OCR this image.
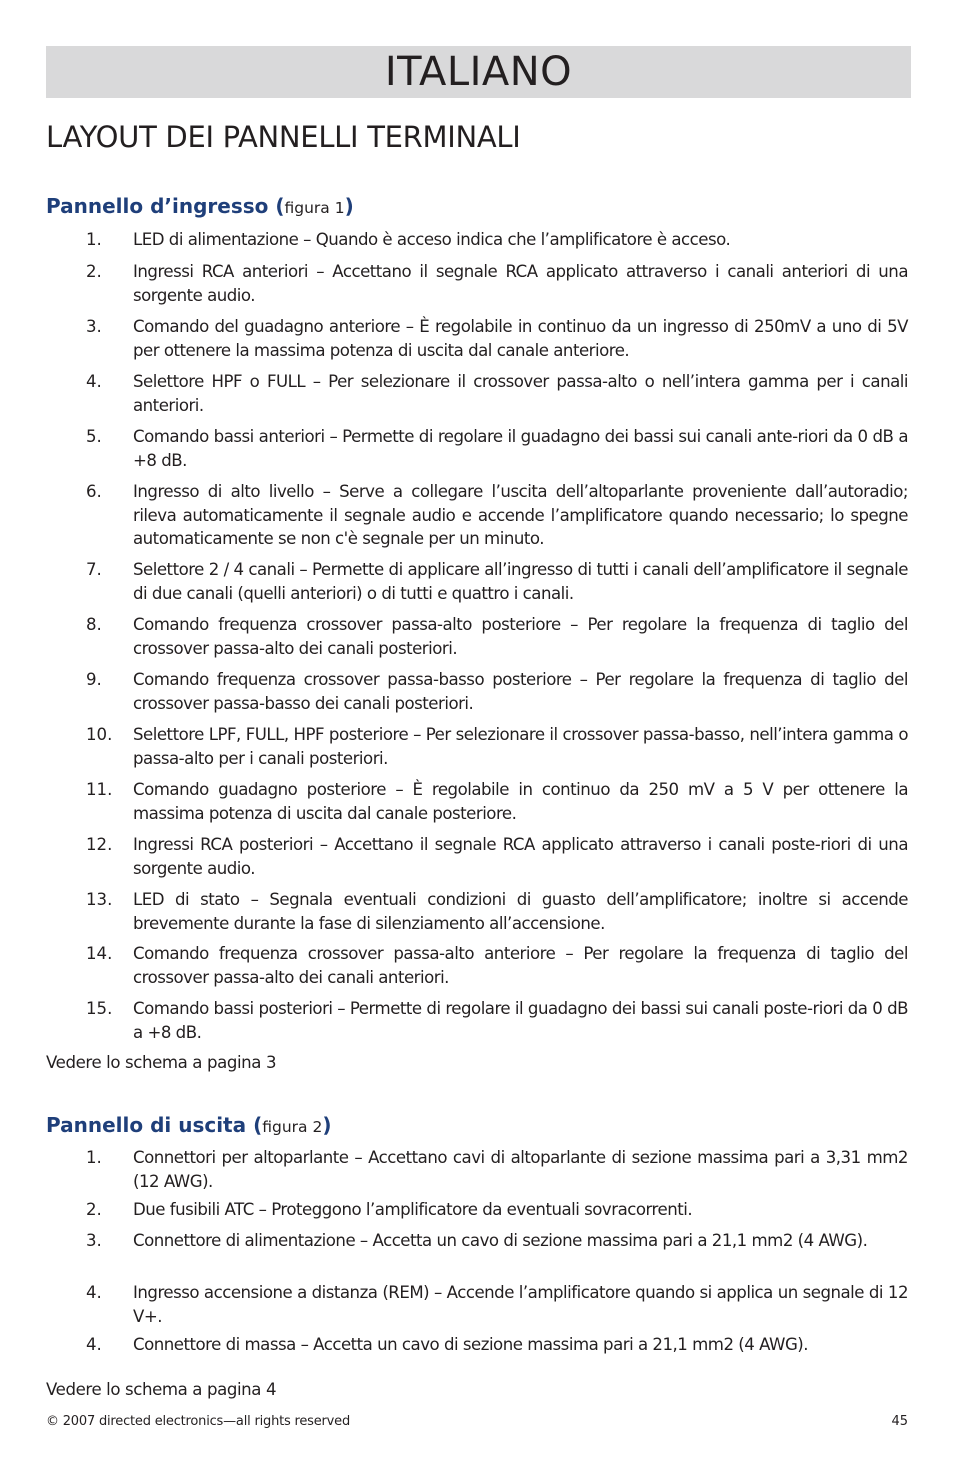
ITALIANO
LAYOUT DEI PANNELLI TERMINALI
Pannello d’ingresso (figura 1)
1.	LED di alimentazione – Quando è acceso indica che l’amplificatore è acceso.
2.	Ingressi RCA anteriori – Accettano il segnale RCA applicato attraverso i canali anteriori di una sorgente audio.
3.	Comando del guadagno anteriore – È regolabile in continuo da un ingresso di 250mV a uno di 5V per ottenere la massima potenza di uscita dal canale anteriore.
4.	Selettore HPF o FULL – Per selezionare il crossover passa-alto o nell’intera gamma per i canali anteriori.
5.	Comando bassi anteriori – Permette di regolare il guadagno dei bassi sui canali ante-riori da 0 dB a +8 dB.
6.	Ingresso di alto livello – Serve a collegare l’uscita dell’altoparlante proveniente dall’autoradio; rileva automaticamente il segnale audio e accende l’amplificatore quando necessario; lo spegne automaticamente se non c'è segnale per un minuto.
7.	Selettore 2 / 4 canali – Permette di applicare all’ingresso di tutti i canali dell’amplificatore il segnale di due canali (quelli anteriori) o di tutti e quattro i canali.
8.	Comando frequenza crossover passa-alto posteriore – Per regolare la frequenza di taglio del crossover passa-alto dei canali posteriori.
9.	Comando frequenza crossover passa-basso posteriore – Per regolare la frequenza di taglio del crossover passa-basso dei canali posteriori.
10.	Selettore LPF, FULL, HPF posteriore – Per selezionare il crossover passa-basso, nell’intera gamma o passa-alto per i canali posteriori.
11.	Comando guadagno posteriore – È regolabile in continuo da 250 mV a 5 V per ottenere la massima potenza di uscita dal canale posteriore.
12.	Ingressi RCA posteriori – Accettano il segnale RCA applicato attraverso i canali poste-riori di una sorgente audio.
13.	LED di stato – Segnala eventuali condizioni di guasto dell’amplificatore; inoltre si accende brevemente durante la fase di silenziamento all’accensione.
14.	Comando frequenza crossover passa-alto anteriore – Per regolare la frequenza di taglio del crossover passa-alto dei canali anteriori.
15.	Comando bassi posteriori – Permette di regolare il guadagno dei bassi sui canali poste-riori da 0 dB a +8 dB.
Vedere lo schema a pagina 3
Pannello di uscita (figura 2)
1.	Connettori per altoparlante – Accettano cavi di altoparlante di sezione massima pari a 3,31 mm2 (12 AWG).
2.	Due fusibili ATC – Proteggono l’amplificatore da eventuali sovracorrenti.
3.	Connettore di alimentazione – Accetta un cavo di sezione massima pari a 21,1 mm2 (4 AWG).
4.	Ingresso accensione a distanza (REM) – Accende l’amplificatore quando si applica un segnale di 12 V+.
4.	Connettore di massa – Accetta un cavo di sezione massima pari a 21,1 mm2 (4 AWG).
Vedere lo schema a pagina 4
© 2007 directed electronics—all rights reserved	45
